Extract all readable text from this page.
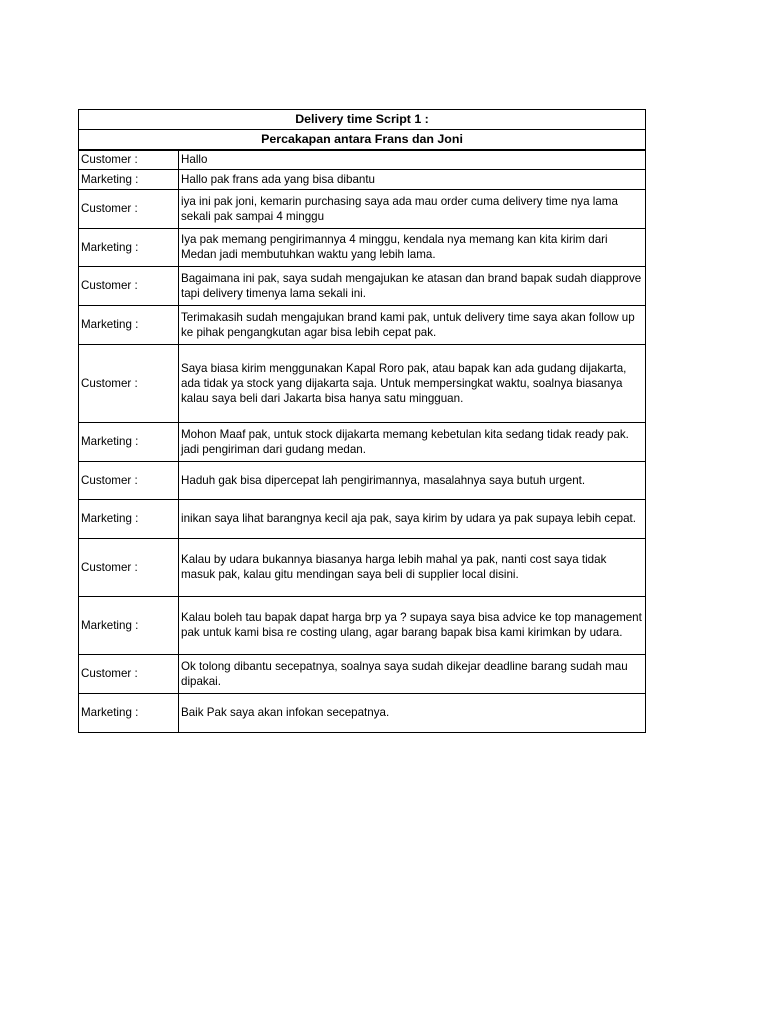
Delivery time Script 1 :	
Percakapan antara Frans dan Joni	
Customer :	Hallo
Marketing :	Hallo pak frans ada yang bisa dibantu
Customer :	iya ini pak joni, kemarin purchasing saya ada mau order cuma delivery time nya lama sekali pak sampai 4 minggu
Marketing :	Iya pak memang pengirimannya 4 minggu, kendala nya memang kan kita kirim dari Medan jadi membutuhkan waktu yang lebih lama.
Customer :	Bagaimana ini pak, saya sudah mengajukan ke atasan dan brand bapak sudah diapprove tapi delivery timenya lama sekali ini.
Marketing :	Terimakasih sudah mengajukan brand kami pak, untuk delivery time saya akan follow up ke pihak pengangkutan agar bisa lebih cepat pak.
Customer :	Saya biasa kirim menggunakan Kapal Roro pak, atau bapak kan ada gudang dijakarta, ada tidak ya stock yang dijakarta saja. Untuk mempersingkat waktu, soalnya biasanya kalau saya beli dari Jakarta bisa hanya satu mingguan.
Marketing :	Mohon Maaf pak, untuk stock dijakarta memang kebetulan kita sedang tidak ready pak. jadi pengiriman dari gudang medan.
Customer :	Haduh gak bisa dipercepat lah pengirimannya, masalahnya saya butuh urgent.
Marketing :	inikan saya lihat barangnya kecil aja pak, saya kirim by udara ya pak supaya lebih cepat.
Customer :	Kalau by udara bukannya biasanya harga lebih mahal ya pak, nanti cost saya tidak masuk pak, kalau gitu mendingan saya beli di supplier local disini.
Marketing :	Kalau boleh tau bapak dapat harga brp ya ? supaya saya bisa advice ke top management pak untuk kami bisa re costing ulang, agar barang bapak bisa kami kirimkan by udara.
Customer :	Ok tolong dibantu secepatnya, soalnya saya sudah dikejar deadline barang sudah mau dipakai.
Marketing :	Baik Pak saya akan infokan secepatnya.
